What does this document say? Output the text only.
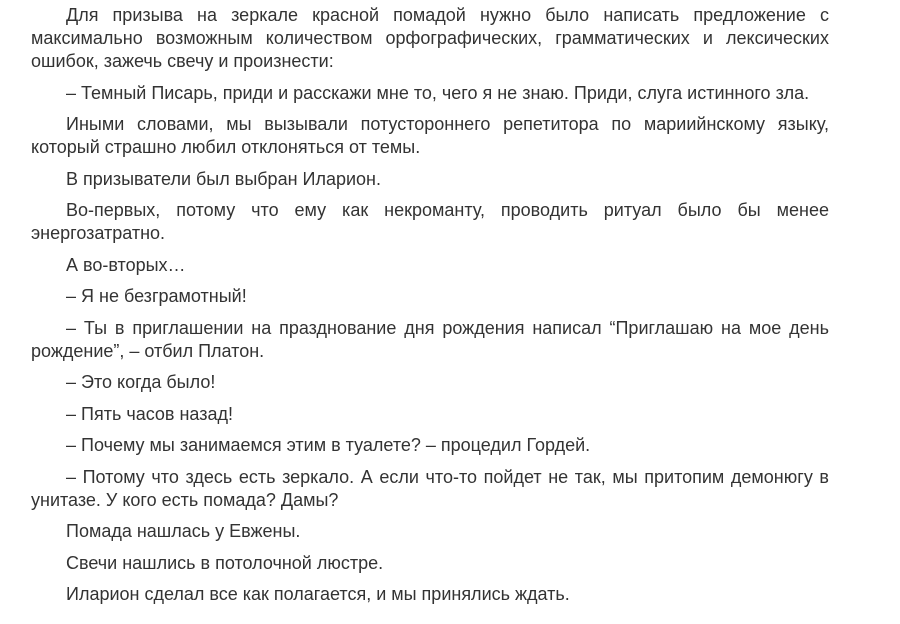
Для призыва на зеркале красной помадой нужно было написать предложение с максимально возможным количеством орфографических, грамматических и лексических ошибок, зажечь свечу и произнести:

– Темный Писарь, приди и расскажи мне то, чего я не знаю. Приди, слуга истинного зла.

Иными словами, мы вызывали потустороннего репетитора по мариийнскому языку, который страшно любил отклоняться от темы.

В призыватели был выбран Иларион.

Во-первых, потому что ему как некроманту, проводить ритуал было бы менее энергозатратно.

А во-вторых…

– Я не безграмотный!

– Ты в приглашении на празднование дня рождения написал “Приглашаю на мое день рождение”, – отбил Платон.

– Это когда было!

– Пять часов назад!

– Почему мы занимаемся этим в туалете? – процедил Гордей.

– Потому что здесь есть зеркало. А если что-то пойдет не так, мы притопим демонюгу в унитазе. У кого есть помада? Дамы?

Помада нашлась у Евжены.

Свечи нашлись в потолочной люстре.

Иларион сделал все как полагается, и мы принялись ждать.
